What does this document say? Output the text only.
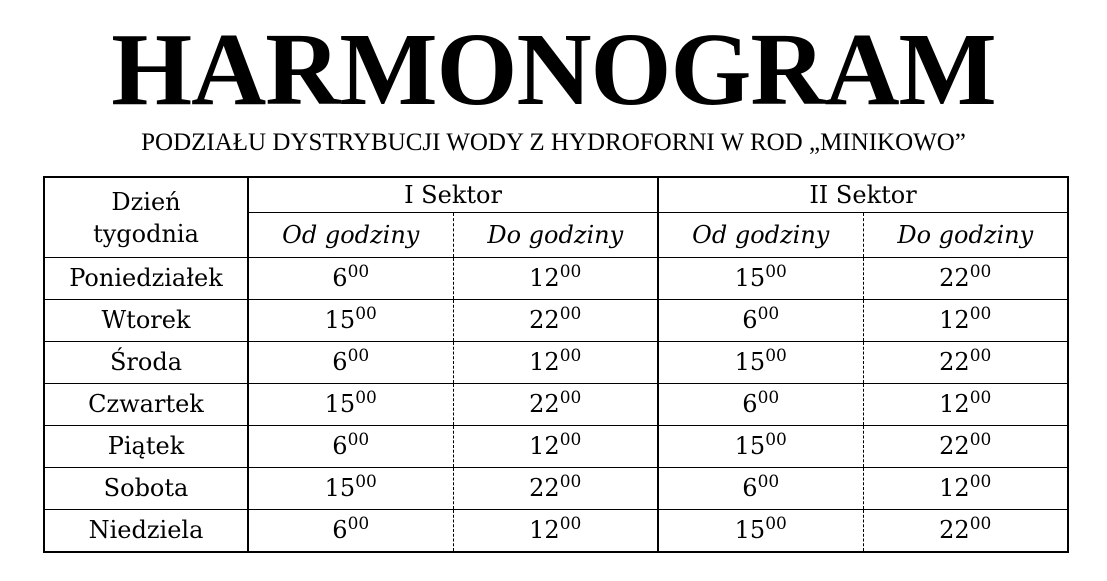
HARMONOGRAM
PODZIAŁU DYSTRYBUCJI WODY Z HYDROFORNI W ROD „MINIKOWO”
Dzień
tygodnia	I Sektor		II Sektor	
	Od godziny	Do godziny	Od godziny	Do godziny
Poniedziałek	$6^{00}$	$12^{00}$	$15^{00}$	$22^{00}$
Wtorek	$15^{00}$	$22^{00}$	$6^{00}$	$12^{00}$
Środa	$6^{00}$	$12^{00}$	$15^{00}$	$22^{00}$
Czwartek	$15^{00}$	$22^{00}$	$6^{00}$	$12^{00}$
Piątek	$6^{00}$	$12^{00}$	$15^{00}$	$22^{00}$
Sobota	$15^{00}$	$22^{00}$	$6^{00}$	$12^{00}$
Niedziela	$6^{00}$	$12^{00}$	$15^{00}$	$22^{00}$
